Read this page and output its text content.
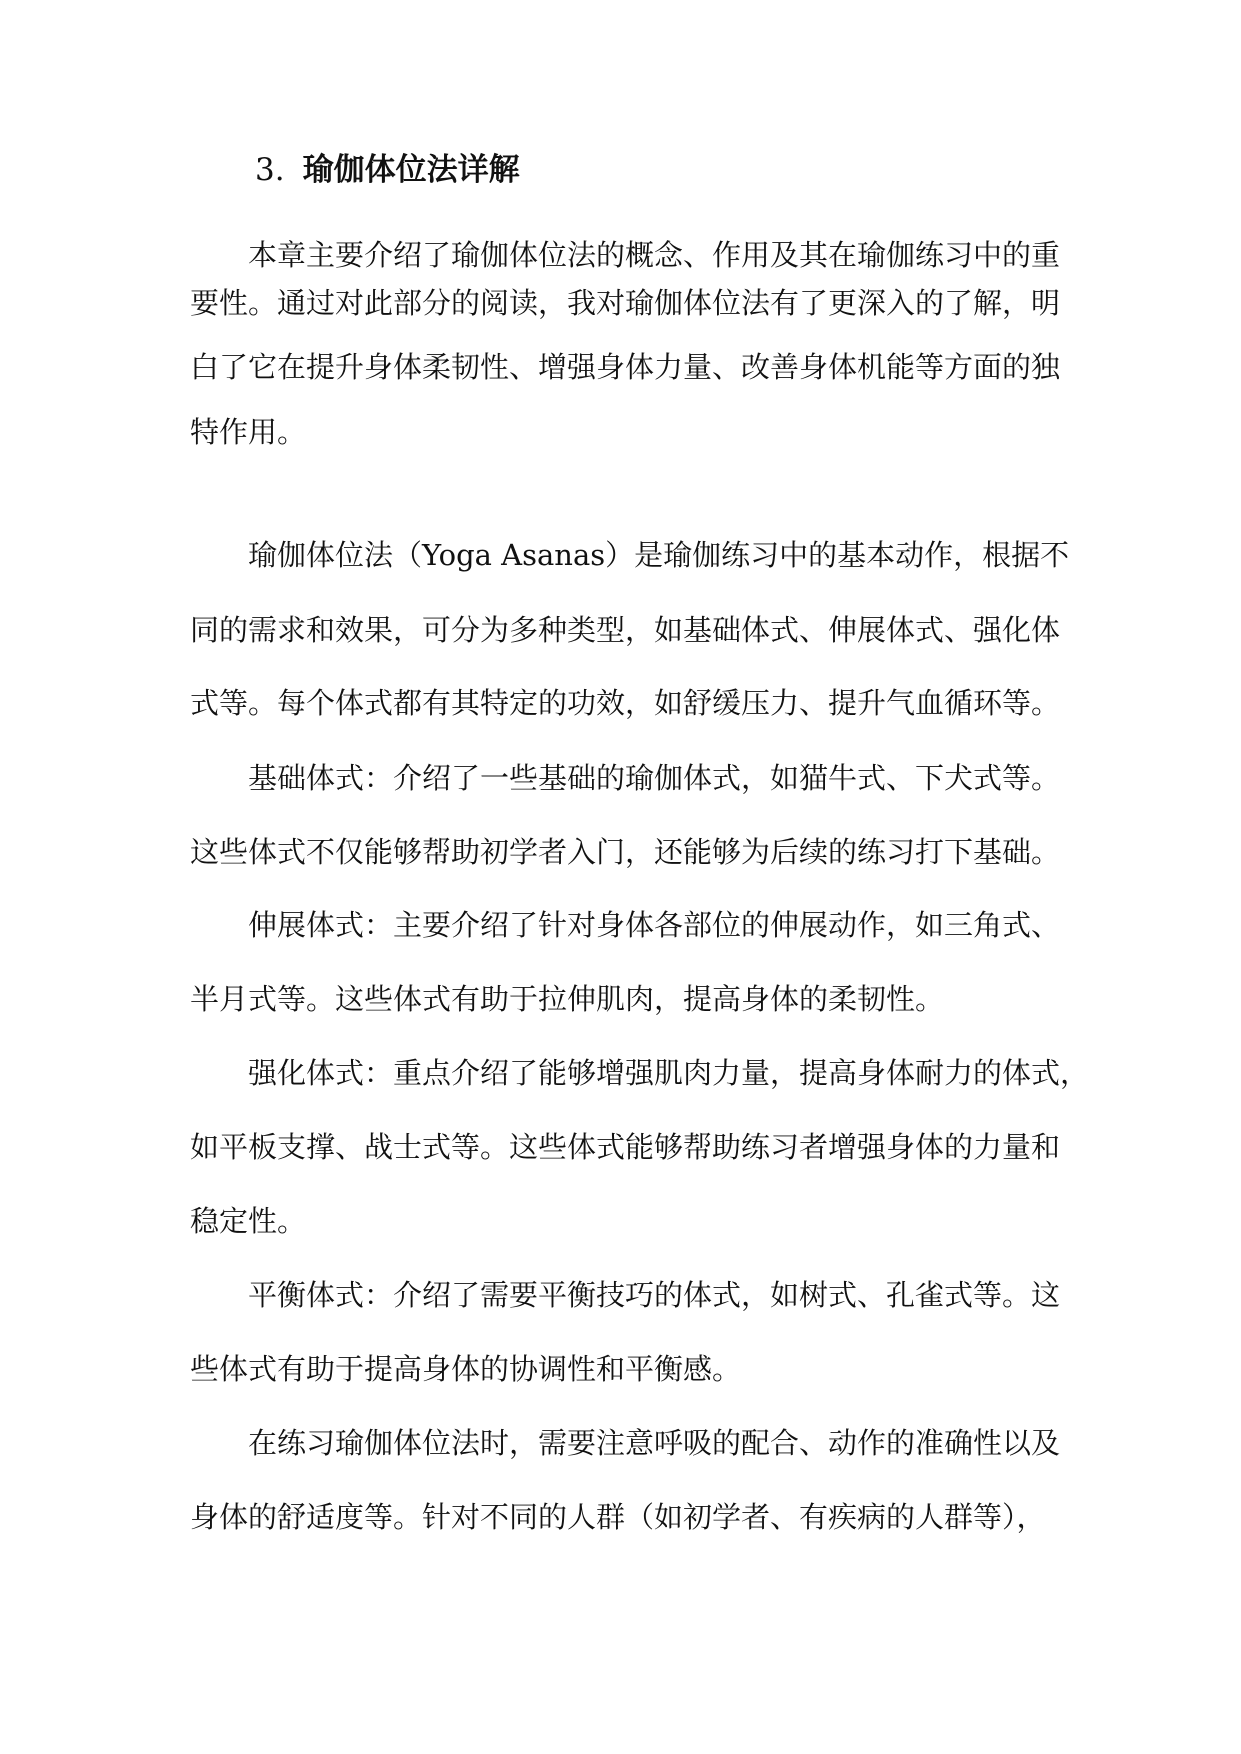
3. 瑜伽体位法详解
本章主要介绍了瑜伽体位法的概念、作用及其在瑜伽练习中的重
要性。通过对此部分的阅读，我对瑜伽体位法有了更深入的了解，明
白了它在提升身体柔韧性、增强身体力量、改善身体机能等方面的独
特作用。
瑜伽体位法（Yoga Asanas）是瑜伽练习中的基本动作，根据不
同的需求和效果，可分为多种类型，如基础体式、伸展体式、强化体
式等。每个体式都有其特定的功效，如舒缓压力、提升气血循环等。
基础体式：介绍了一些基础的瑜伽体式，如猫牛式、下犬式等。
这些体式不仅能够帮助初学者入门，还能够为后续的练习打下基础。
伸展体式：主要介绍了针对身体各部位的伸展动作，如三角式、
半月式等。这些体式有助于拉伸肌肉，提高身体的柔韧性。
强化体式：重点介绍了能够增强肌肉力量，提高身体耐力的体式，
如平板支撑、战士式等。这些体式能够帮助练习者增强身体的力量和
稳定性。
平衡体式：介绍了需要平衡技巧的体式，如树式、孔雀式等。这
些体式有助于提高身体的协调性和平衡感。
在练习瑜伽体位法时，需要注意呼吸的配合、动作的准确性以及
身体的舒适度等。针对不同的人群（如初学者、有疾病的人群等），
